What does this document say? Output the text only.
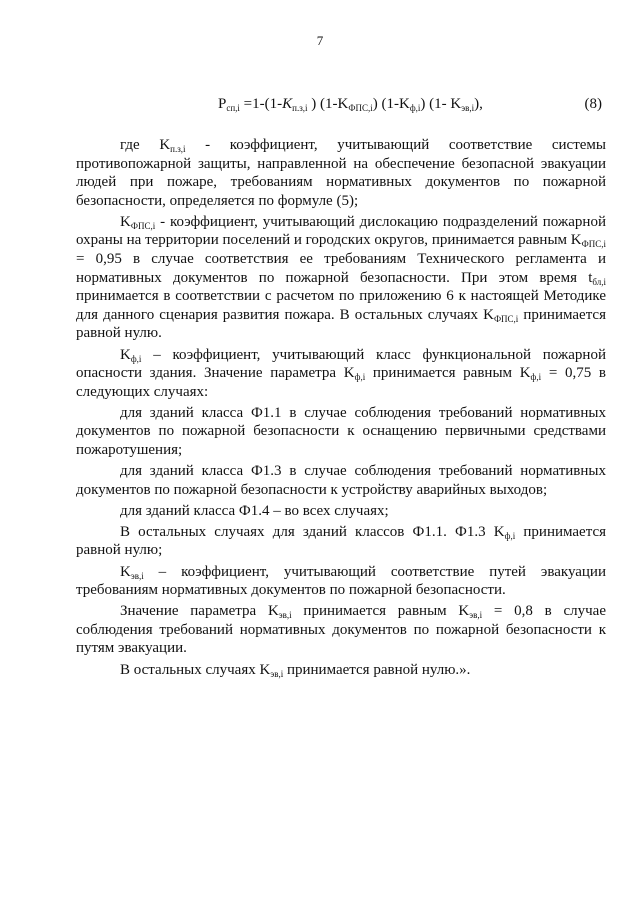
7
$P_{сп,i} =1-(1-K_{п.з,i}$ ) $(1-K_{ФПС,i})$ $(1-K_{ф,i})$ (1- $K_{эв,i}$),	(8)

где $K_{п.з,i}$ - коэффициент, учитывающий соответствие системы противопожарной защиты, направленной на обеспечение безопасной эвакуации людей при пожаре, требованиям нормативных документов по пожарной безопасности, определяется по формуле (5);

$K_{ФПС,i}$ - коэффициент, учитывающий дислокацию подразделений пожарной охраны на территории поселений и городских округов, принимается равным $K_{ФПС,i} = 0,95$ в случае соответствия ее требованиям Технического регламента и нормативных документов по пожарной безопасности. При этом время $t_{бл,i}$ принимается в соответствии с расчетом по приложению 6 к настоящей Методике для данного сценария развития пожара. В остальных случаях $K_{ФПС,i}$ принимается равной нулю.

$K_{ф,i}$ – коэффициент, учитывающий класс функциональной пожарной опасности здания. Значение параметра $K_{ф,i}$ принимается равным $K_{ф,i} = 0,75$ в следующих случаях:

для зданий класса Ф1.1 в случае соблюдения требований нормативных документов по пожарной безопасности к оснащению первичными средствами пожаротушения;

для зданий класса Ф1.3 в случае соблюдения требований нормативных документов по пожарной безопасности к устройству аварийных выходов;

для зданий класса Ф1.4 – во всех случаях;

В остальных случаях для зданий классов Ф1.1. Ф1.3 $K_{ф,i}$ принимается равной нулю;

$K_{эв,i}$ – коэффициент, учитывающий соответствие путей эвакуации требованиям нормативных документов по пожарной безопасности.

Значение параметра $K_{эв,i}$ принимается равным $K_{эв,i} = 0,8$ в случае соблюдения требований нормативных документов по пожарной безопасности к путям эвакуации.

В остальных случаях $K_{эв,i}$ принимается равной нулю.».
